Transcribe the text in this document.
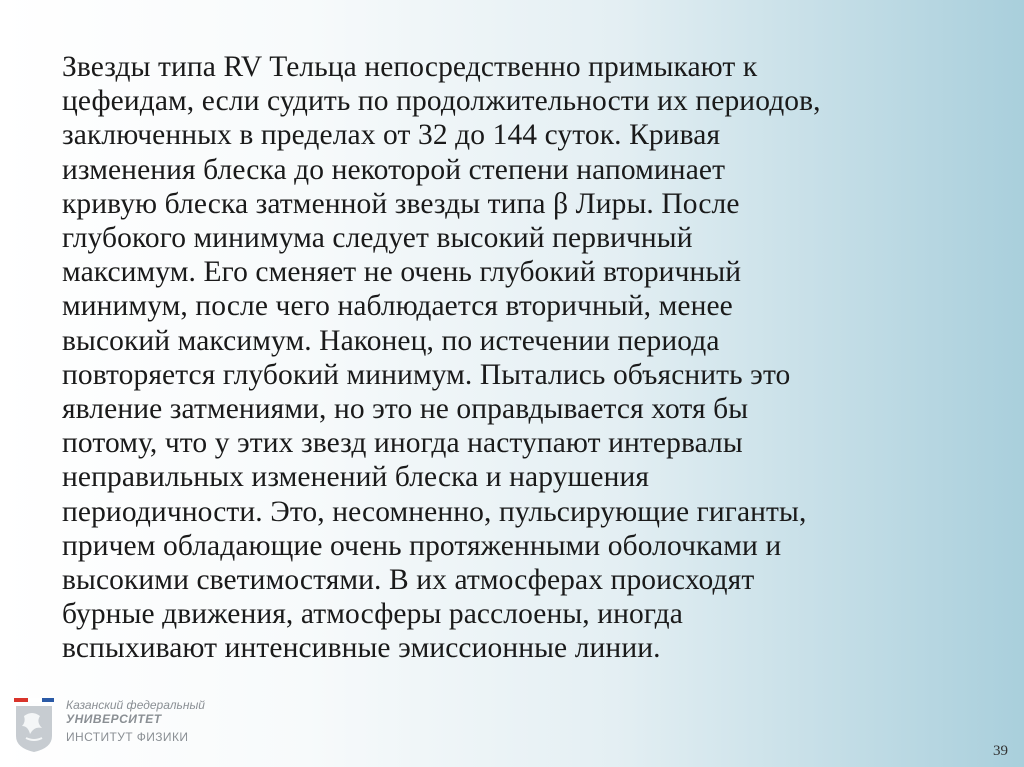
Звезды типа RV Тельца непосредственно примыкают к
цефеидам, если судить по продолжительности их периодов,
заключенных в пределах от 32 до 144 суток. Кривая
изменения блеска до некоторой степени напоминает
кривую блеска затменной звезды типа β Лиры. После
глубокого минимума следует высокий первичный
максимум. Его сменяет не очень глубокий вторичный
минимум, после чего наблюдается вторичный, менее
высокий максимум. Наконец, по истечении периода
повторяется глубокий минимум. Пытались объяснить это
явление затмениями, но это не оправдывается хотя бы
потому, что у этих звезд иногда наступают интервалы
неправильных изменений блеска и нарушения
периодичности. Это, несомненно, пульсирующие гиганты,
причем обладающие очень протяженными оболочками и
высокими светимостями. В их атмосферах происходят
бурные движения, атмосферы расслоены, иногда
вспыхивают интенсивные эмиссионные линии.
Казанский федеральный
УНИВЕРСИТЕТ
ИНСТИТУТ ФИЗИКИ
39
